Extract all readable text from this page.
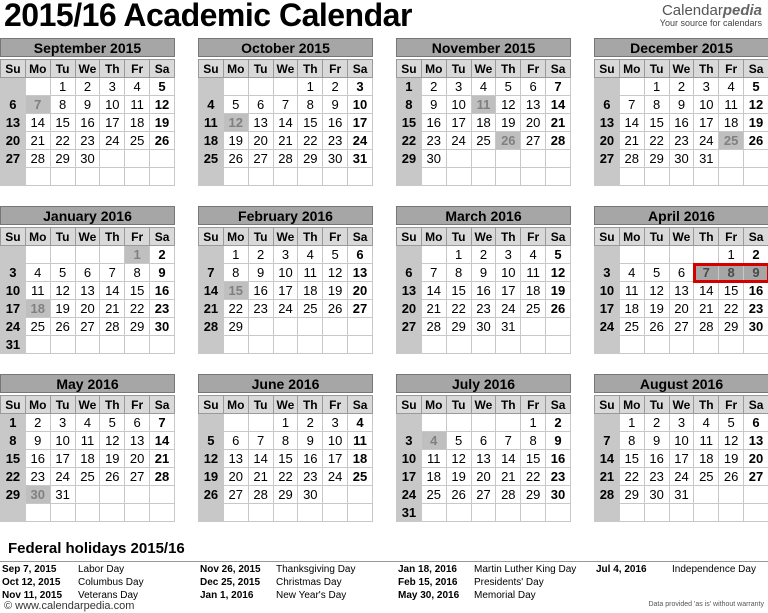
2015/16 Academic Calendar	Calendarpedia
Your source for calendars
September 2015
Su	Mo	Tu	We	Th	Fr	Sa
		1	2	3	4	5
6	7	8	9	10	11	12
13	14	15	16	17	18	19
20	21	22	23	24	25	26
27	28	29	30			

October 2015
Su	Mo	Tu	We	Th	Fr	Sa
				1	2	3
4	5	6	7	8	9	10
11	12	13	14	15	16	17
18	19	20	21	22	23	24
25	26	27	28	29	30	31

November 2015
Su	Mo	Tu	We	Th	Fr	Sa
1	2	3	4	5	6	7
8	9	10	11	12	13	14
15	16	17	18	19	20	21
22	23	24	25	26	27	28
29	30					

December 2015
Su	Mo	Tu	We	Th	Fr	Sa
		1	2	3	4	5
6	7	8	9	10	11	12
13	14	15	16	17	18	19
20	21	22	23	24	25	26
27	28	29	30	31		

January 2016
Su	Mo	Tu	We	Th	Fr	Sa
					1	2
3	4	5	6	7	8	9
10	11	12	13	14	15	16
17	18	19	20	21	22	23
24	25	26	27	28	29	30
31						
February 2016
Su	Mo	Tu	We	Th	Fr	Sa
	1	2	3	4	5	6
7	8	9	10	11	12	13
14	15	16	17	18	19	20
21	22	23	24	25	26	27
28	29					

March 2016
Su	Mo	Tu	We	Th	Fr	Sa
		1	2	3	4	5
6	7	8	9	10	11	12
13	14	15	16	17	18	19
20	21	22	23	24	25	26
27	28	29	30	31		

April 2016
Su	Mo	Tu	We	Th	Fr	Sa
					1	2
3	4	5	6	7	8	9
10	11	12	13	14	15	16
17	18	19	20	21	22	23
24	25	26	27	28	29	30

May 2016
Su	Mo	Tu	We	Th	Fr	Sa
1	2	3	4	5	6	7
8	9	10	11	12	13	14
15	16	17	18	19	20	21
22	23	24	25	26	27	28
29	30	31				

June 2016
Su	Mo	Tu	We	Th	Fr	Sa
			1	2	3	4
5	6	7	8	9	10	11
12	13	14	15	16	17	18
19	20	21	22	23	24	25
26	27	28	29	30		

July 2016
Su	Mo	Tu	We	Th	Fr	Sa
					1	2
3	4	5	6	7	8	9
10	11	12	13	14	15	16
17	18	19	20	21	22	23
24	25	26	27	28	29	30
31						
August 2016
Su	Mo	Tu	We	Th	Fr	Sa
	1	2	3	4	5	6
7	8	9	10	11	12	13
14	15	16	17	18	19	20
21	22	23	24	25	26	27
28	29	30	31			

Federal holidays 2015/16
Sep 7, 2015 Labor Day
Oct 12, 2015 Columbus Day
Nov 11, 2015 Veterans Day
Nov 26, 2015 Thanksgiving Day
Dec 25, 2015 Christmas Day
Jan 1, 2016 New Year's Day
Jan 18, 2016 Martin Luther King Day
Feb 15, 2016 Presidents' Day
May 30, 2016 Memorial Day
Jul 4, 2016	Independence Day
© www.calendarpedia.com	Data provided 'as is' without warranty
